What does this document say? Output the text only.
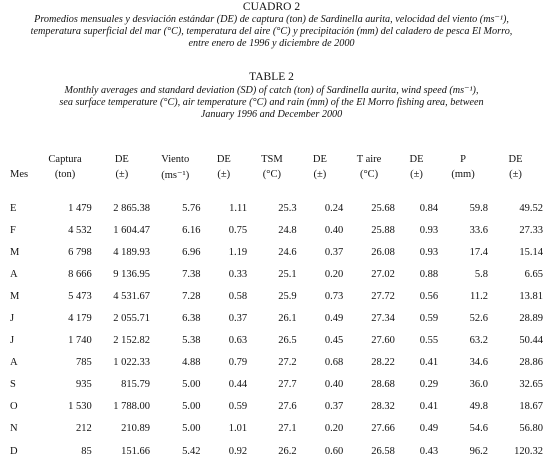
CUADRO 2
Promedios mensuales y desviación estándar (DE) de captura (ton) de Sardinella aurita, velocidad del viento (ms⁻¹),
temperatura superficial del mar (°C), temperatura del aire (°C) y precipitación (mm) del caladero de pesca El Morro,
entre enero de 1996 y diciembre de 2000
TABLE 2
Monthly averages and standard deviation (SD) of catch (ton) of Sardinella aurita, wind speed (ms⁻¹),
sea surface temperature (°C), air temperature (°C) and rain (mm) of the El Morro fishing area, between
January 1996 and December 2000
	Captura	DE	Viento	DE	TSM	DE	T aire	DE	P	DE
Mes	(ton)	(±)	(ms⁻¹)	(±)	(°C)	(±)	(°C)	(±)	(mm)	(±)
E	1 479	2 865.38	5.76	1.11	25.3	0.24	25.68	0.84	59.8	49.52
F	4 532	1 604.47	6.16	0.75	24.8	0.40	25.88	0.93	33.6	27.33
M	6 798	4 189.93	6.96	1.19	24.6	0.37	26.08	0.93	17.4	15.14
A	8 666	9 136.95	7.38	0.33	25.1	0.20	27.02	0.88	5.8	6.65
M	5 473	4 531.67	7.28	0.58	25.9	0.73	27.72	0.56	11.2	13.81
J	4 179	2 055.71	6.38	0.37	26.1	0.49	27.34	0.59	52.6	28.89
J	1 740	2 152.82	5.38	0.63	26.5	0.45	27.60	0.55	63.2	50.44
A	785	1 022.33	4.88	0.79	27.2	0.68	28.22	0.41	34.6	28.86
S	935	815.79	5.00	0.44	27.7	0.40	28.68	0.29	36.0	32.65
O	1 530	1 788.00	5.00	0.59	27.6	0.37	28.32	0.41	49.8	18.67
N	212	210.89	5.00	1.01	27.1	0.20	27.66	0.49	54.6	56.80
D	85	151.66	5.42	0.92	26.2	0.60	26.58	0.43	96.2	120.32
